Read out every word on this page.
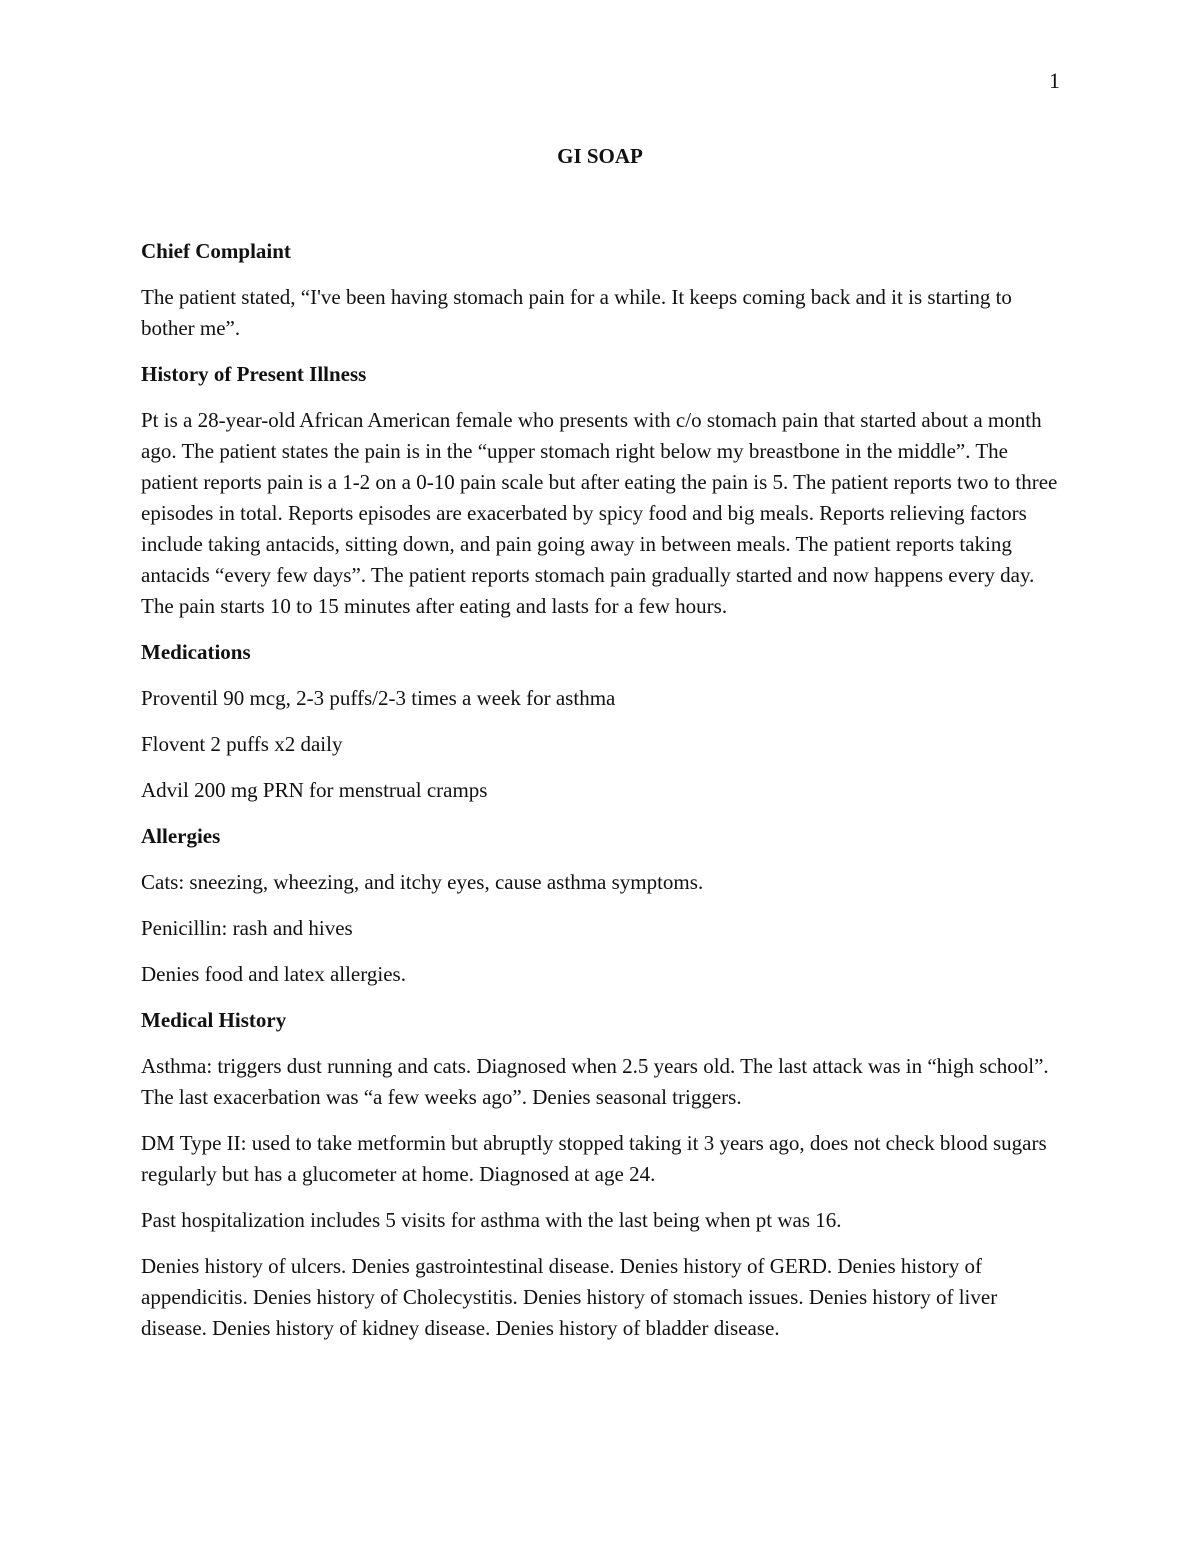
1
GI SOAP

Chief Complaint

The patient stated, “I've been having stomach pain for a while. It keeps coming back and it is starting to bother me”.

History of Present Illness

Pt is a 28-year-old African American female who presents with c/o stomach pain that started about a month ago. The patient states the pain is in the “upper stomach right below my breastbone in the middle”. The patient reports pain is a 1-2 on a 0-10 pain scale but after eating the pain is 5. The patient reports two to three episodes in total. Reports episodes are exacerbated by spicy food and big meals. Reports relieving factors include taking antacids, sitting down, and pain going away in between meals. The patient reports taking antacids “every few days”. The patient reports stomach pain gradually started and now happens every day. The pain starts 10 to 15 minutes after eating and lasts for a few hours.

Medications

Proventil 90 mcg, 2-3 puffs/2-3 times a week for asthma

Flovent 2 puffs x2 daily

Advil 200 mg PRN for menstrual cramps

Allergies

Cats: sneezing, wheezing, and itchy eyes, cause asthma symptoms.

Penicillin: rash and hives

Denies food and latex allergies.

Medical History

Asthma: triggers dust running and cats. Diagnosed when 2.5 years old. The last attack was in “high school”. The last exacerbation was “a few weeks ago”. Denies seasonal triggers.

DM Type II: used to take metformin but abruptly stopped taking it 3 years ago, does not check blood sugars regularly but has a glucometer at home. Diagnosed at age 24.

Past hospitalization includes 5 visits for asthma with the last being when pt was 16.

Denies history of ulcers. Denies gastrointestinal disease. Denies history of GERD. Denies history of appendicitis. Denies history of Cholecystitis. Denies history of stomach issues. Denies history of liver disease. Denies history of kidney disease. Denies history of bladder disease.
